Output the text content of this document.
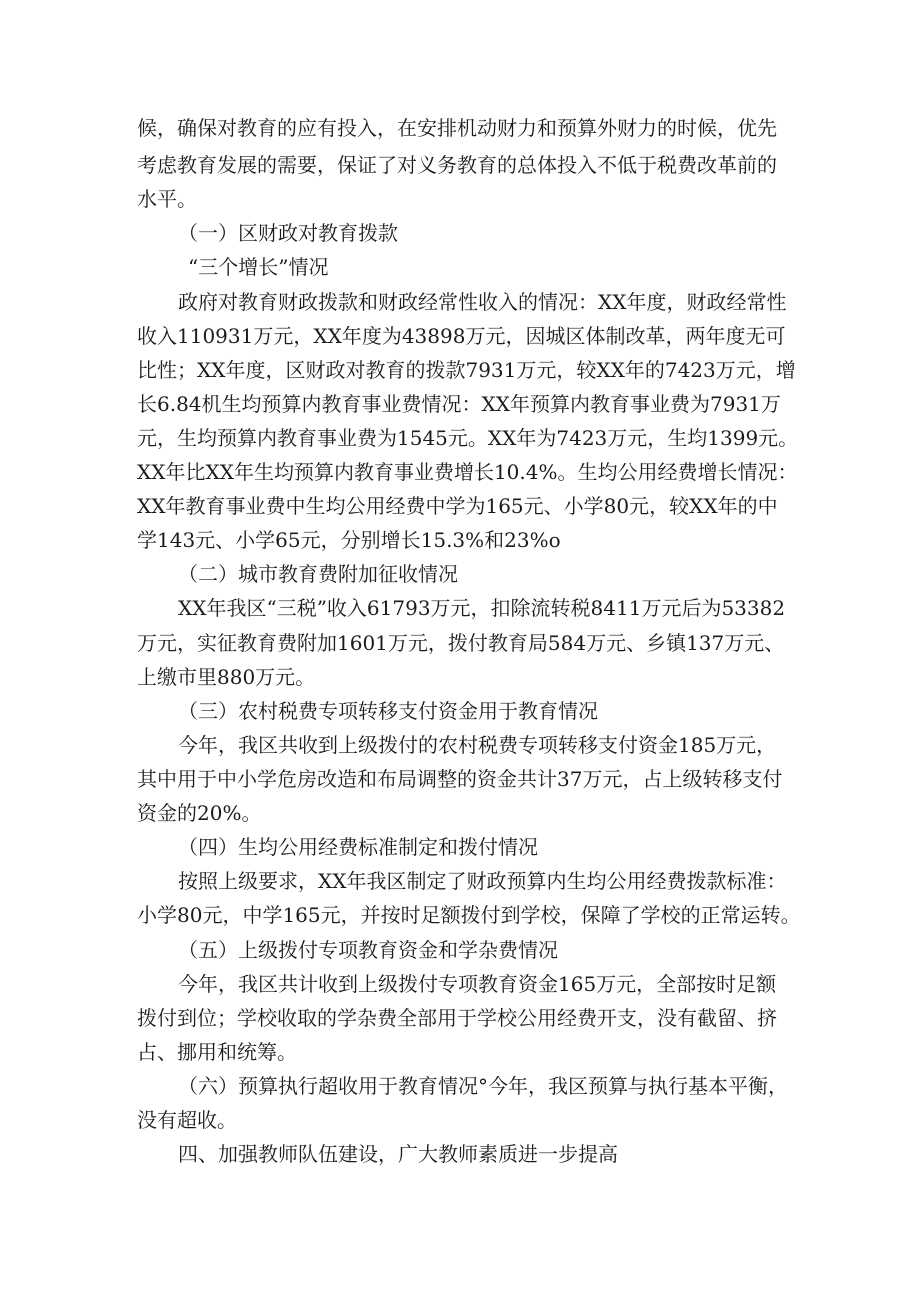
候，确保对教育的应有投入，在安排机动财力和预算外财力的时候，优先
考虑教育发展的需要，保证了对义务教育的总体投入不低于税费改革前的
水平。
（一）区财政对教育拨款
“三个增长”情况
政府对教育财政拨款和财政经常性收入的情况：XX年度，财政经常性
收入110931万元，XX年度为43898万元，因城区体制改革，两年度无可
比性；XX年度，区财政对教育的拨款7931万元，较XX年的7423万元，增
长6.84机生均预算内教育事业费情况：XX年预算内教育事业费为7931万
元，生均预算内教育事业费为1545元。XX年为7423万元，生均1399元。
XX年比XX年生均预算内教育事业费增长10.4%。生均公用经费增长情况：
XX年教育事业费中生均公用经费中学为165元、小学80元，较XX年的中
学143元、小学65元，分别增长15.3%和23%o
（二）城市教育费附加征收情况
XX年我区“三税”收入61793万元，扣除流转税8411万元后为53382
万元，实征教育费附加1601万元，拨付教育局584万元、乡镇137万元、
上缴市里880万元。
（三）农村税费专项转移支付资金用于教育情况
今年，我区共收到上级拨付的农村税费专项转移支付资金185万元，
其中用于中小学危房改造和布局调整的资金共计37万元，占上级转移支付
资金的20%。
（四）生均公用经费标准制定和拨付情况
按照上级要求，XX年我区制定了财政预算内生均公用经费拨款标准：
小学80元，中学165元，并按时足额拨付到学校，保障了学校的正常运转。
（五）上级拨付专项教育资金和学杂费情况
今年，我区共计收到上级拨付专项教育资金165万元，全部按时足额
拨付到位；学校收取的学杂费全部用于学校公用经费开支，没有截留、挤
占、挪用和统筹。
（六）预算执行超收用于教育情况°今年，我区预算与执行基本平衡，
没有超收。
四、加强教师队伍建设，广大教师素质进一步提高
